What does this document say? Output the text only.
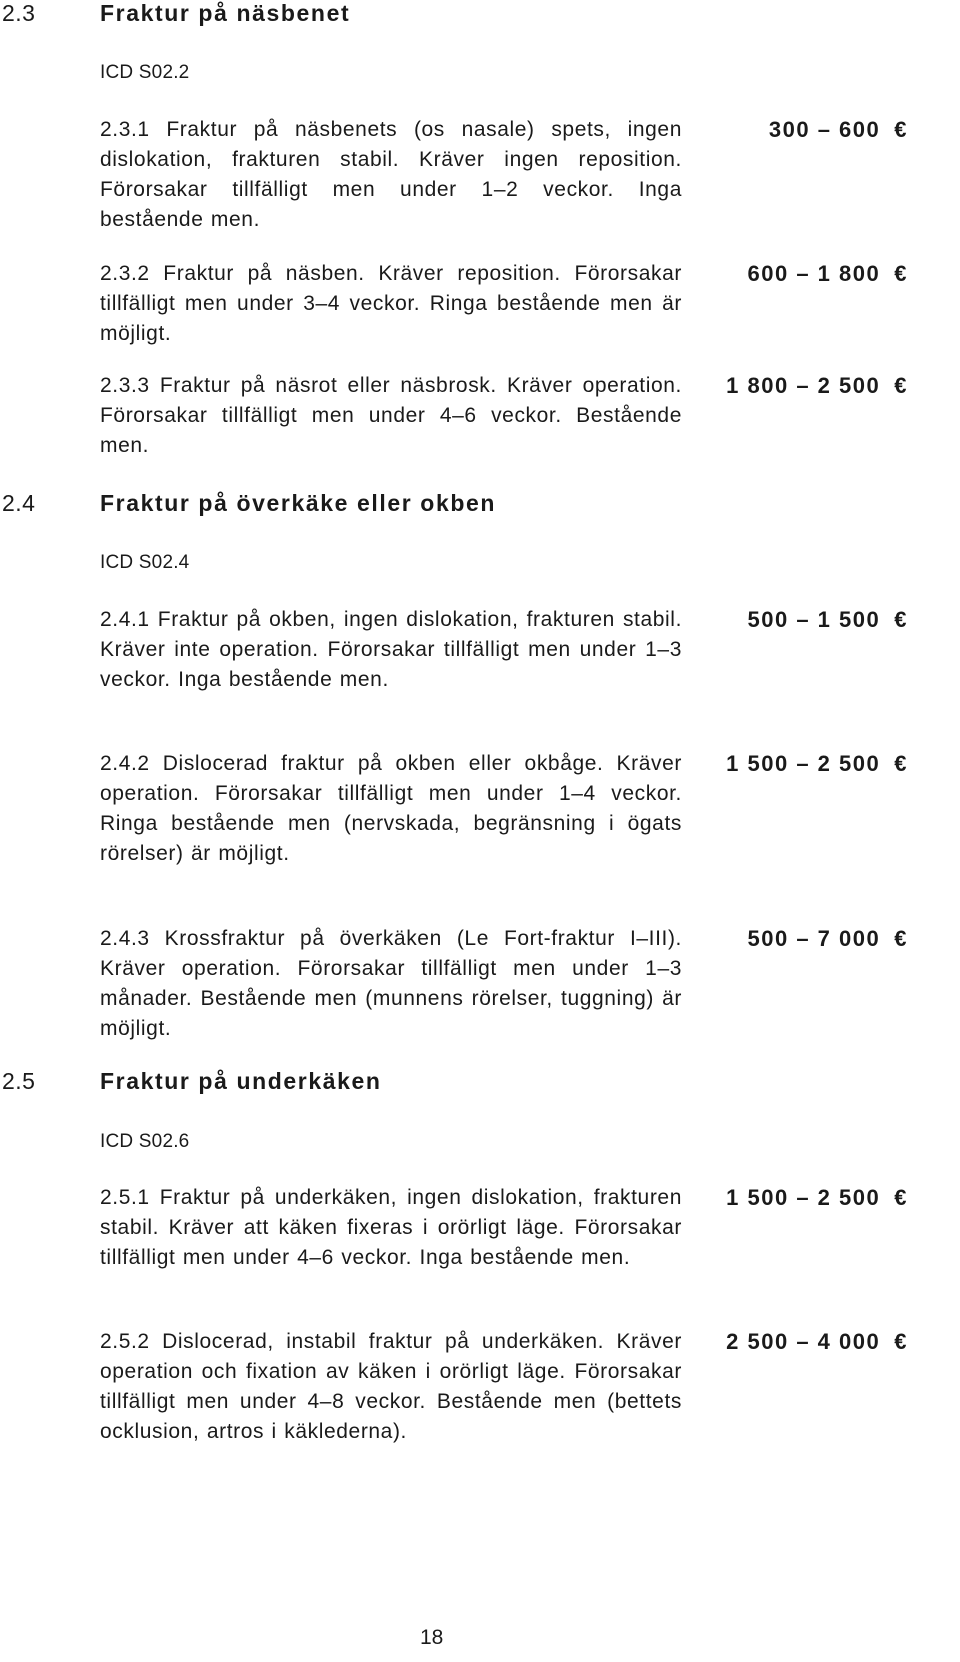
2.3	Fraktur på näsbenet
ICD S02.2
2.3.1 Fraktur på näsbenets (os nasale) spets, ingen dislokation, frakturen stabil. Kräver ingen reposition. Förorsakar tillfälligt men under 1–2 veckor. Inga bestående men.
300 – 600 €
2.3.2 Fraktur på näsben. Kräver reposition. Förorsakar tillfälligt men under 3–4 veckor. Ringa bestående men är möjligt.
600 – 1 800 €
2.3.3 Fraktur på näsrot eller näsbrosk. Kräver operation. Förorsakar tillfälligt men under 4–6 veckor. Bestående men.
1 800 – 2 500 €
2.4	Fraktur på överkäke eller okben
ICD S02.4
2.4.1 Fraktur på okben, ingen dislokation, frakturen stabil. Kräver inte operation. Förorsakar tillfälligt men under 1–3 veckor. Inga bestående men.
500 – 1 500 €
2.4.2 Dislocerad fraktur på okben eller okbåge. Kräver operation. Förorsakar tillfälligt men under 1–4 veckor. Ringa bestående men (nervskada, begränsning i ögats rörelser) är möjligt.
1 500 – 2 500 €
2.4.3 Krossfraktur på överkäken (Le Fort-fraktur I–III). Kräver operation. Förorsakar tillfälligt men under 1–3 månader. Bestående men (munnens rörelser, tuggning) är möjligt.
500 – 7 000 €
2.5	Fraktur på underkäken
ICD S02.6
2.5.1 Fraktur på underkäken, ingen dislokation, frakturen stabil. Kräver att käken fixeras i orörligt läge. Förorsakar tillfälligt men under 4–6 veckor. Inga bestående men.
1 500 – 2 500 €
2.5.2 Dislocerad, instabil fraktur på underkäken. Kräver operation och fixation av käken i orörligt läge. Förorsakar tillfälligt men under 4–8 veckor. Bestående men (bettets ocklusion, artros i käklederna).
2 500 – 4 000 €
18
